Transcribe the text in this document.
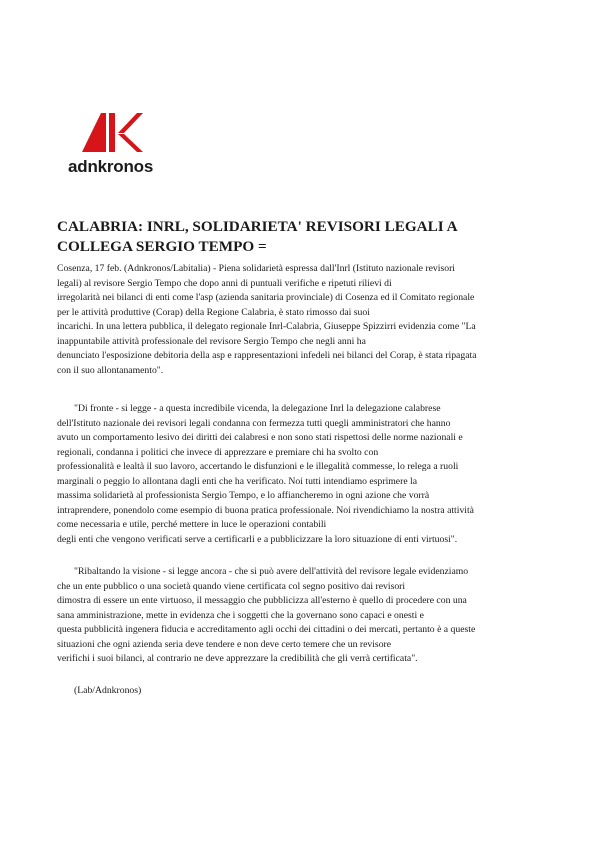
adnkronos
CALABRIA: INRL, SOLIDARIETA' REVISORI LEGALI A
COLLEGA SERGIO TEMPO =

Cosenza, 17 feb. (Adnkronos/Labitalia) - Piena solidarietà espressa dall'Inrl (Istituto nazionale revisori
legali) al revisore Sergio Tempo che dopo anni di puntuali verifiche e ripetuti rilievi di
irregolarità nei bilanci di enti come l'asp (azienda sanitaria provinciale) di Cosenza ed il Comitato regionale
per le attività produttive (Corap) della Regione Calabria, è stato rimosso dai suoi
incarichi. In una lettera pubblica, il delegato regionale Inrl-Calabria, Giuseppe Spizzirri evidenzia come "La
inappuntabile attività professionale del revisore Sergio Tempo che negli anni ha
denunciato l'esposizione debitoria della asp e rappresentazioni infedeli nei bilanci del Corap, è stata ripagata
con il suo allontanamento".

"Di fronte - si legge - a questa incredibile vicenda, la delegazione Inrl la delegazione calabrese
dell'Istituto nazionale dei revisori legali condanna con fermezza tutti quegli amministratori che hanno
avuto un comportamento lesivo dei diritti dei calabresi e non sono stati rispettosi delle norme nazionali e
regionali, condanna i politici che invece di apprezzare e premiare chi ha svolto con
professionalità e lealtà il suo lavoro, accertando le disfunzioni e le illegalità commesse, lo relega a ruoli
marginali o peggio lo allontana dagli enti che ha verificato. Noi tutti intendiamo esprimere la
massima solidarietà al professionista Sergio Tempo, e lo affiancheremo in ogni azione che vorrà
intraprendere, ponendolo come esempio di buona pratica professionale. Noi rivendichiamo la nostra attività
come necessaria e utile, perché mettere in luce le operazioni contabili
degli enti che vengono verificati serve a certificarli e a pubblicizzare la loro situazione di enti virtuosi".

"Ribaltando la visione - si legge ancora - che si può avere dell'attività del revisore legale evidenziamo
che un ente pubblico o una società quando viene certificata col segno positivo dai revisori
dimostra di essere un ente virtuoso, il messaggio che pubblicizza all'esterno è quello di procedere con una
sana amministrazione, mette in evidenza che i soggetti che la governano sono capaci e onesti e
questa pubblicità ingenera fiducia e accreditamento agli occhi dei cittadini o dei mercati, pertanto è a queste
situazioni che ogni azienda seria deve tendere e non deve certo temere che un revisore
verifichi i suoi bilanci, al contrario ne deve apprezzare la credibilità che gli verrà certificata".

(Lab/Adnkronos)
